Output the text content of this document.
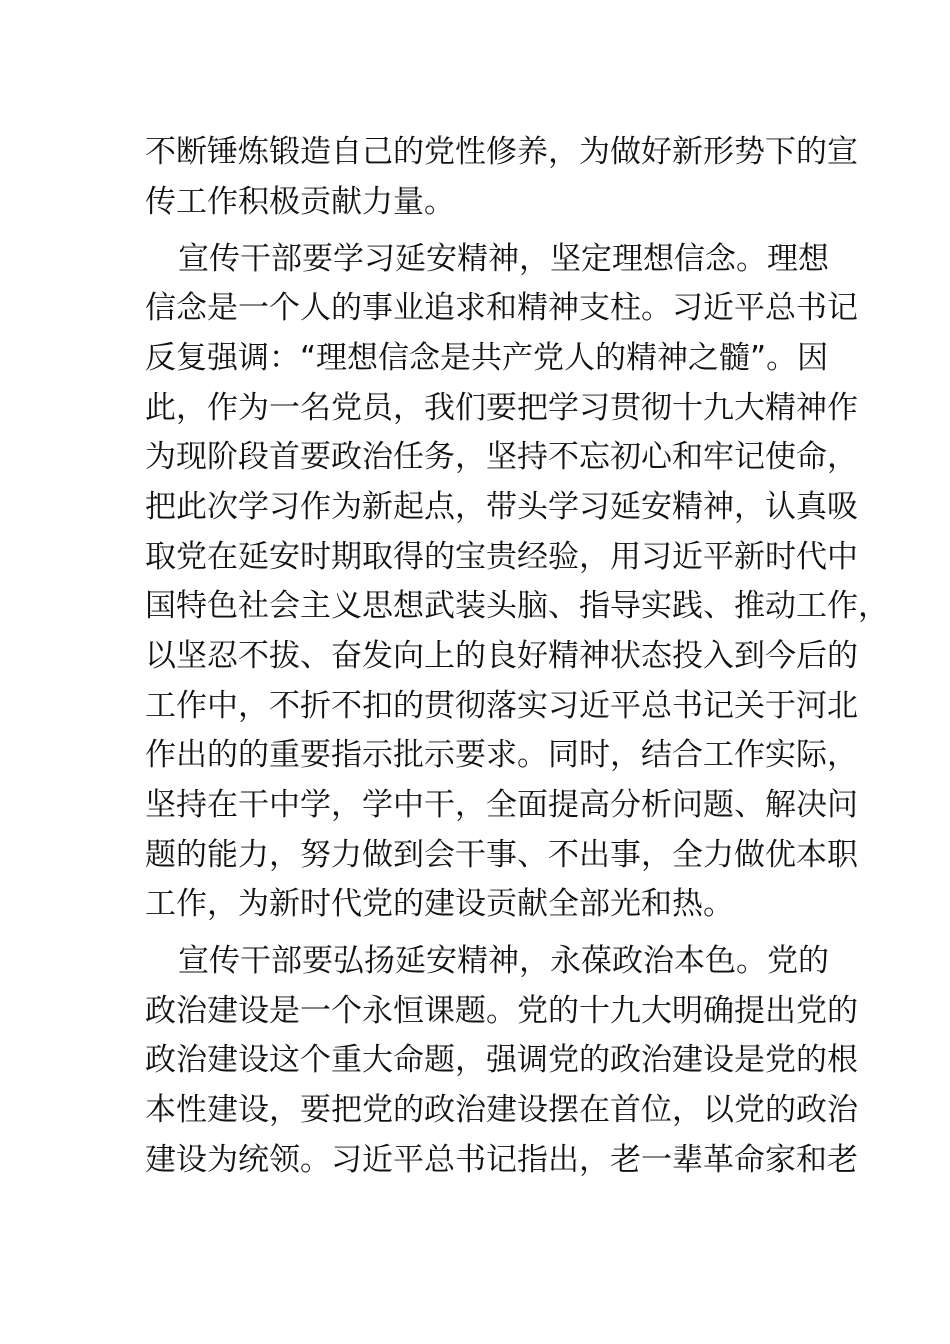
不断锤炼锻造自己的党性修养，为做好新形势下的宣

传工作积极贡献力量。

宣传干部要学习延安精神，坚定理想信念。理想

信念是一个人的事业追求和精神支柱。习近平总书记

反复强调：“理想信念是共产党人的精神之髓”。因

此，作为一名党员，我们要把学习贯彻十九大精神作

为现阶段首要政治任务，坚持不忘初心和牢记使命，

把此次学习作为新起点，带头学习延安精神，认真吸

取党在延安时期取得的宝贵经验，用习近平新时代中

国特色社会主义思想武装头脑、指导实践、推动工作，

以坚忍不拔、奋发向上的良好精神状态投入到今后的

工作中，不折不扣的贯彻落实习近平总书记关于河北

作出的的重要指示批示要求。同时，结合工作实际，

坚持在干中学，学中干，全面提高分析问题、解决问

题的能力，努力做到会干事、不出事，全力做优本职

工作，为新时代党的建设贡献全部光和热。

宣传干部要弘扬延安精神，永葆政治本色。党的

政治建设是一个永恒课题。党的十九大明确提出党的

政治建设这个重大命题，强调党的政治建设是党的根

本性建设，要把党的政治建设摆在首位，以党的政治

建设为统领。习近平总书记指出，老一辈革命家和老
